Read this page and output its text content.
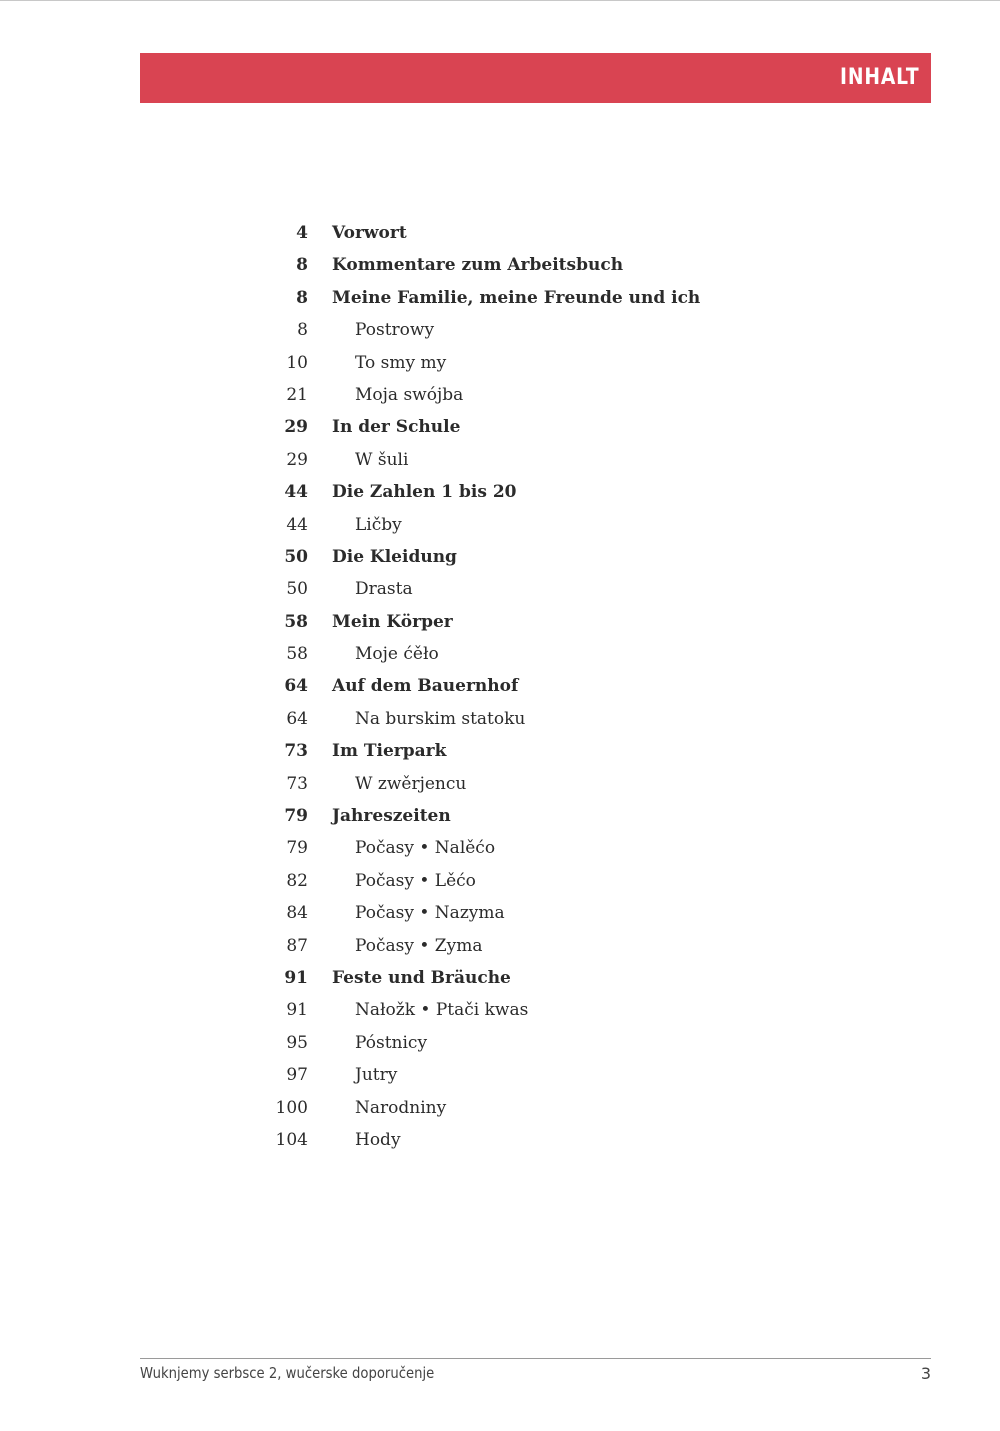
INHALT
4 Vorwort
8 Kommentare zum Arbeitsbuch
8 Meine Familie, meine Freunde und ich
8	Postrowy
10	To smy my
21	Moja swójba
29 In der Schule
29	W šuli
44 Die Zahlen 1 bis 20
44	Ličby
50 Die Kleidung
50	Drasta
58 Mein Körper
58	Moje ćěło
64 Auf dem Bauernhof
64	Na burskim statoku
73 Im Tierpark
73	W zwěrjencu
79 Jahreszeiten
79	Počasy • Nalěćo
82	Počasy • Lěćo
84	Počasy • Nazyma
87	Počasy • Zyma
91 Feste und Bräuche
91	Nałožk • Ptači kwas
95	Póstnicy
97	Jutry
100	Narodniny
104	Hody
Wuknjemy serbsce 2, wučerske doporučenje	3
